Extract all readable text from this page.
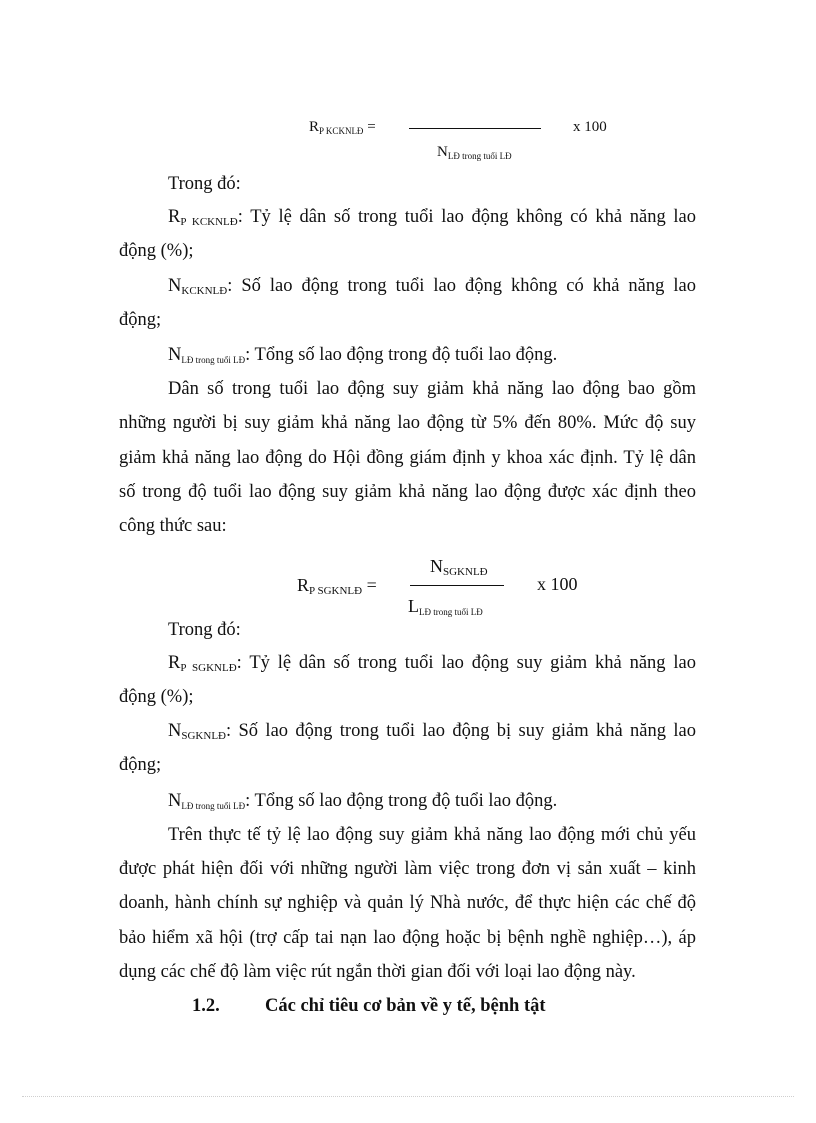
$R_{P KCKNLĐ}$ =	x 100
$N_{LĐ trong tuổi LĐ}$
Trong đó:
$R_{P KCKNLĐ}$: Tỷ lệ dân số trong tuổi lao động không có khả năng lao
động (%);
$N_{KCKNLĐ}$: Số lao động trong tuổi lao động không có khả năng lao
động;
NLĐ trong tuổi LĐ: Tổng số lao động trong độ tuổi lao động.
Dân số trong tuổi lao động suy giảm khả năng lao động bao gồm
những người bị suy giảm khả năng lao động từ 5% đến 80%. Mức độ suy
giảm khả năng lao động do Hội đồng giám định y khoa xác định. Tỷ lệ dân
số trong độ tuổi lao động suy giảm khả năng lao động được xác định theo
công thức sau:
$N_{SGKNLĐ}$
$R_{P SGKNLĐ}$ =	x 100
LLĐ trong tuổi LĐ
Trong đó:
$R_{P SGKNLĐ}$: Tỷ lệ dân số trong tuổi lao động suy giảm khả năng lao
động (%);
$N_{SGKNLĐ}$: Số lao động trong tuổi lao động bị suy giảm khả năng lao
động;
NLĐ trong tuổi LĐ: Tổng số lao động trong độ tuổi lao động.
Trên thực tế tỷ lệ lao động suy giảm khả năng lao động mới chủ yếu
được phát hiện đối với những người làm việc trong đơn vị sản xuất – kinh
doanh, hành chính sự nghiệp và quản lý Nhà nước, để thực hiện các chế độ
bảo hiểm xã hội (trợ cấp tai nạn lao động hoặc bị bệnh nghề nghiệp…), áp
dụng các chế độ làm việc rút ngắn thời gian đối với loại lao động này.
1.2. Các chỉ tiêu cơ bản về y tế, bệnh tật
